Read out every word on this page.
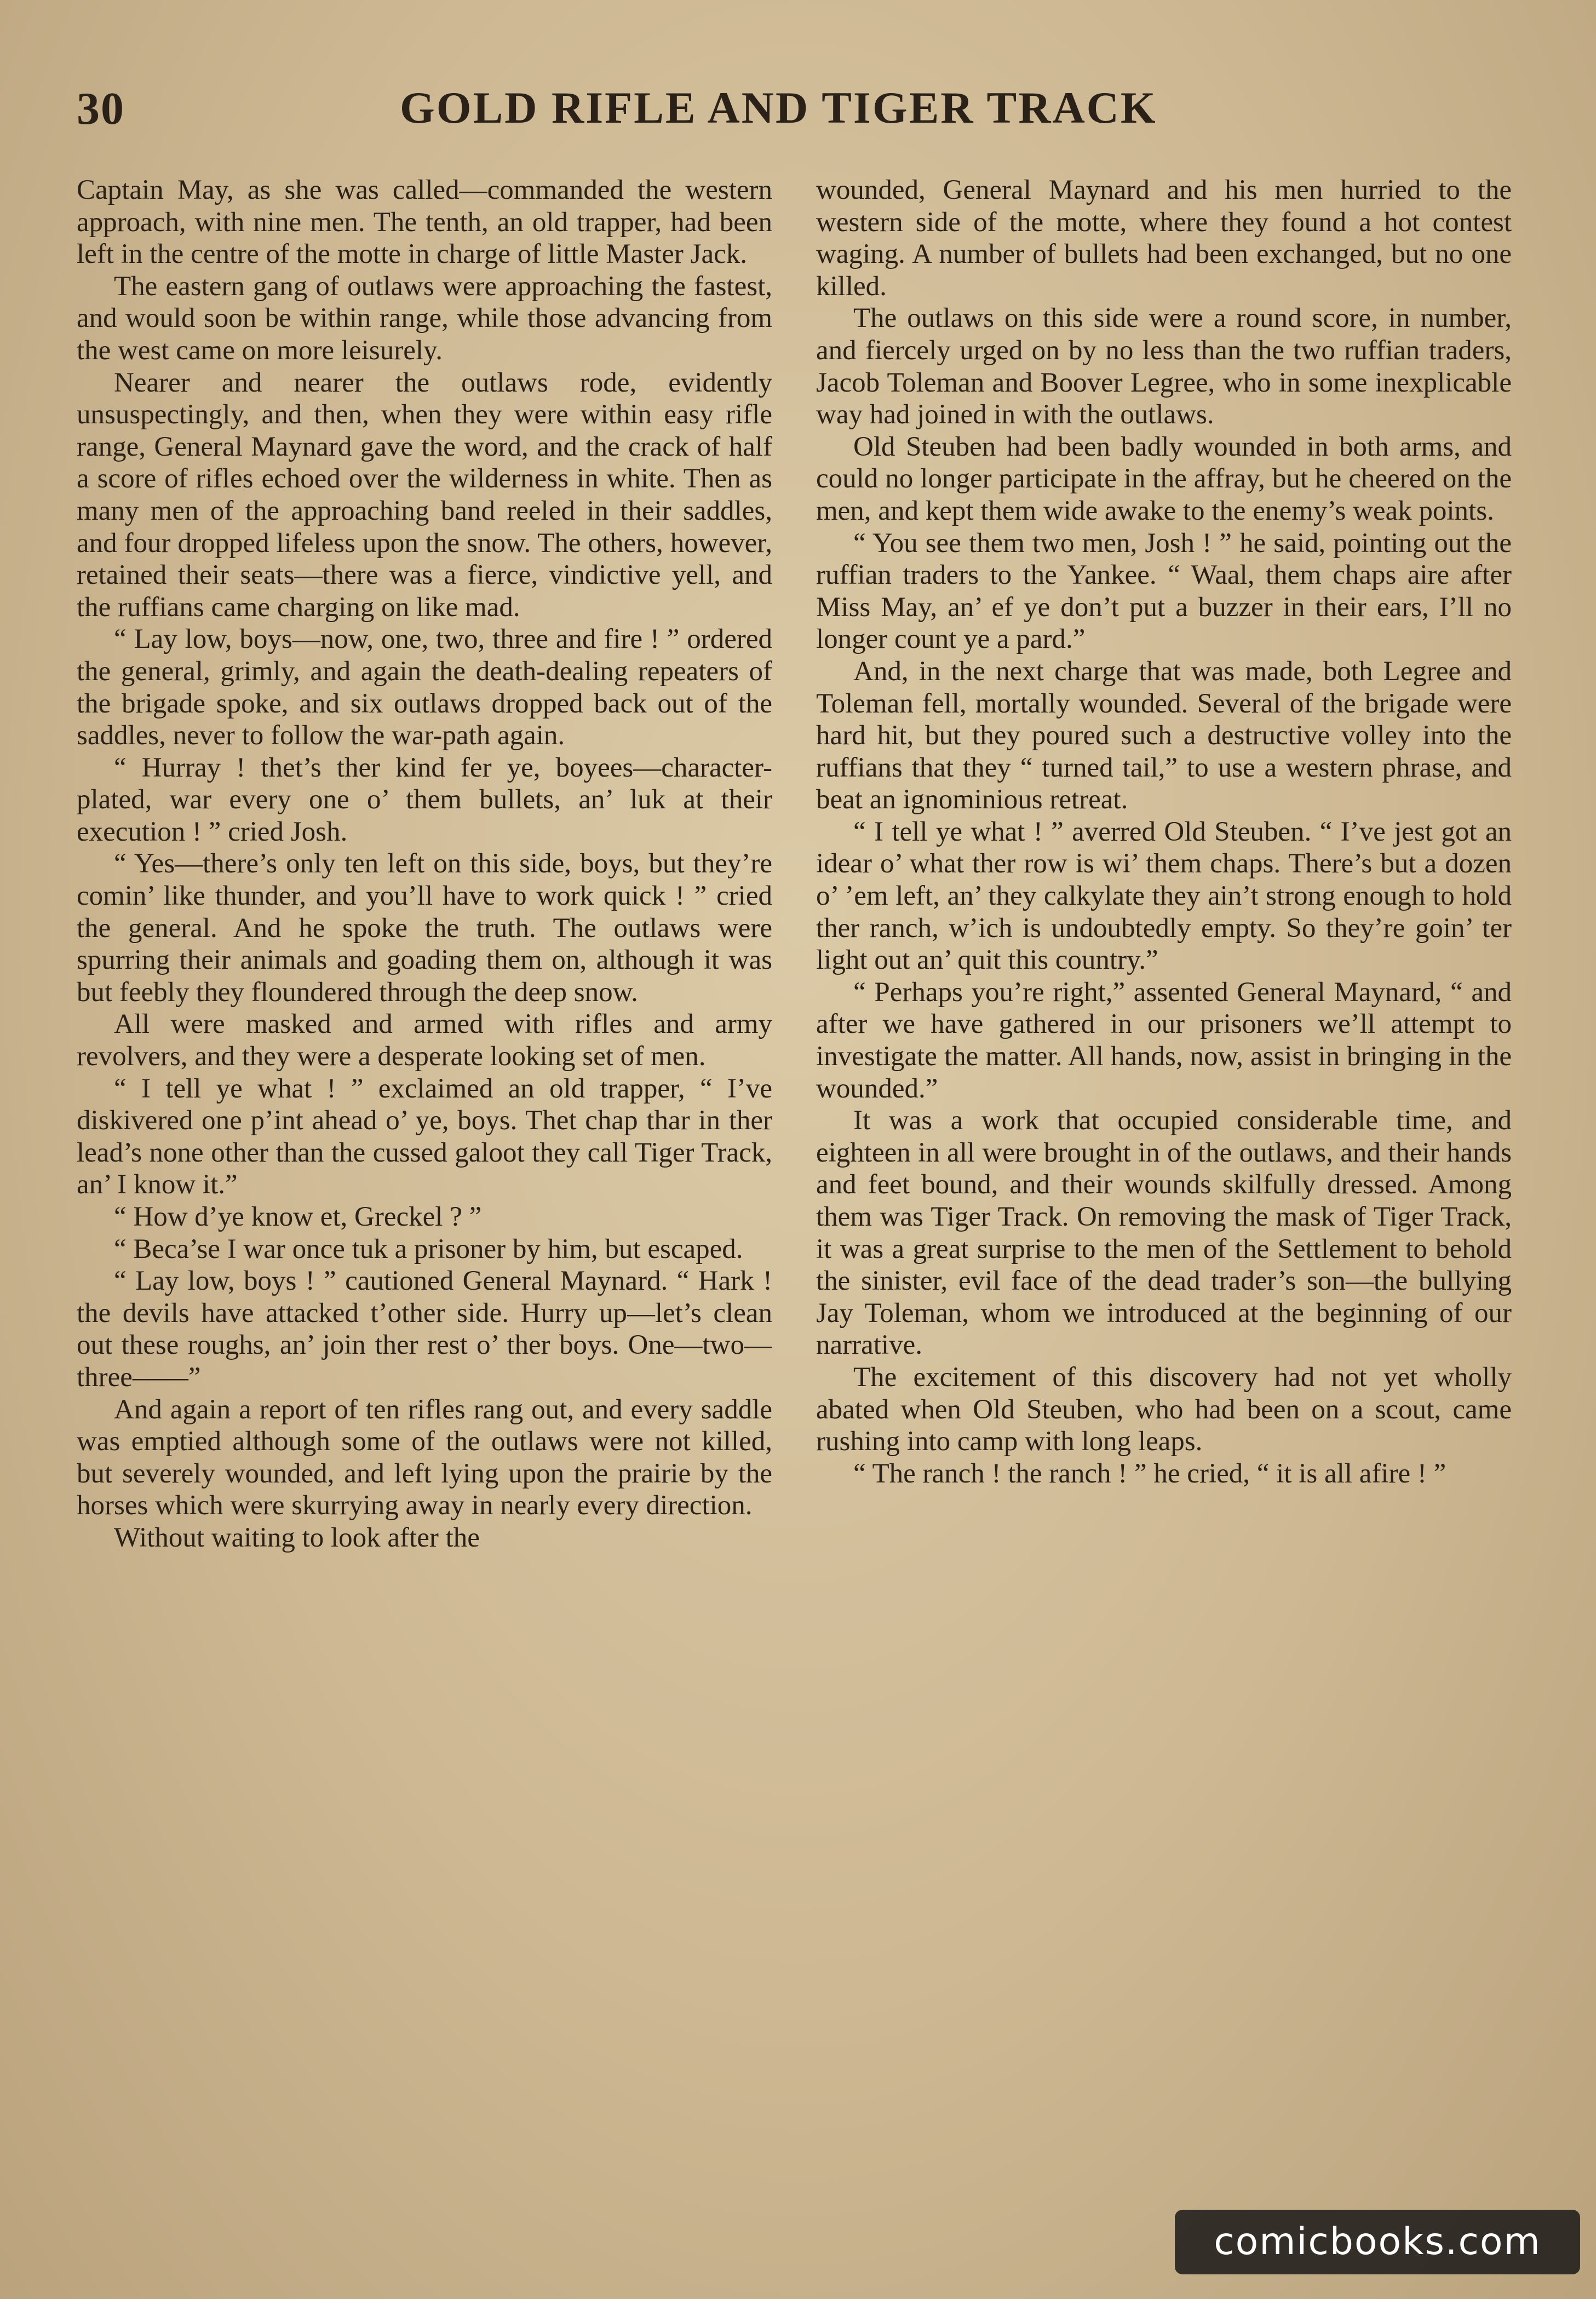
30	GOLD RIFLE AND TIGER TRACK

Captain May, as she was called—commanded the western approach, with nine men. The tenth, an old trapper, had been left in the centre of the motte in charge of little Master Jack.

The eastern gang of outlaws were approaching the fastest, and would soon be within range, while those advancing from the west came on more leisurely.

Nearer and nearer the outlaws rode, evidently unsuspectingly, and then, when they were within easy rifle range, General Maynard gave the word, and the crack of half a score of rifles echoed over the wilderness in white. Then as many men of the approaching band reeled in their saddles, and four dropped lifeless upon the snow. The others, however, retained their seats—there was a fierce, vindictive yell, and the ruffians came charging on like mad.

“ Lay low, boys—now, one, two, three and fire ! ” ordered the general, grimly, and again the death-dealing repeaters of the brigade spoke, and six outlaws dropped back out of the saddles, never to follow the war-path again.

“ Hurray ! thet’s ther kind fer ye, boyees—character-plated, war every one o’ them bullets, an’ luk at their execution ! ” cried Josh.

“ Yes—there’s only ten left on this side, boys, but they’re comin’ like thunder, and you’ll have to work quick ! ” cried the general. And he spoke the truth. The outlaws were spurring their animals and goading them on, although it was but feebly they floundered through the deep snow.

All were masked and armed with rifles and army revolvers, and they were a desperate looking set of men.

“ I tell ye what ! ” exclaimed an old trapper, “ I’ve diskivered one p’int ahead o’ ye, boys. Thet chap thar in ther lead’s none other than the cussed galoot they call Tiger Track, an’ I know it.”

“ How d’ye know et, Greckel ? ”

“ Beca’se I war once tuk a prisoner by him, but escaped.

“ Lay low, boys ! ” cautioned General Maynard. “ Hark ! the devils have attacked t’other side. Hurry up—let’s clean out these roughs, an’ join ther rest o’ ther boys. One—two—three——”

And again a report of ten rifles rang out, and every saddle was emptied although some of the outlaws were not killed, but severely wounded, and left lying upon the prairie by the horses which were skurrying away in nearly every direction.

Without waiting to look after the

wounded, General Maynard and his men hurried to the western side of the motte, where they found a hot contest waging. A number of bullets had been exchanged, but no one killed.

The outlaws on this side were a round score, in number, and fiercely urged on by no less than the two ruffian traders, Jacob Toleman and Boover Legree, who in some inexplicable way had joined in with the outlaws.

Old Steuben had been badly wounded in both arms, and could no longer participate in the affray, but he cheered on the men, and kept them wide awake to the enemy’s weak points.

“ You see them two men, Josh ! ” he said, pointing out the ruffian traders to the Yankee. “ Waal, them chaps aire after Miss May, an’ ef ye don’t put a buzzer in their ears, I’ll no longer count ye a pard.”

And, in the next charge that was made, both Legree and Toleman fell, mortally wounded. Several of the brigade were hard hit, but they poured such a destructive volley into the ruffians that they “ turned tail,” to use a western phrase, and beat an ignominious retreat.

“ I tell ye what ! ” averred Old Steuben. “ I’ve jest got an idear o’ what ther row is wi’ them chaps. There’s but a dozen o’ ’em left, an’ they calkylate they ain’t strong enough to hold ther ranch, w’ich is undoubtedly empty. So they’re goin’ ter light out an’ quit this country.”

“ Perhaps you’re right,” assented General Maynard, “ and after we have gathered in our prisoners we’ll attempt to investigate the matter. All hands, now, assist in bringing in the wounded.”

It was a work that occupied considerable time, and eighteen in all were brought in of the outlaws, and their hands and feet bound, and their wounds skilfully dressed. Among them was Tiger Track. On removing the mask of Tiger Track, it was a great surprise to the men of the Settlement to behold the sinister, evil face of the dead trader’s son—the bullying Jay Toleman, whom we introduced at the beginning of our narrative.

The excitement of this discovery had not yet wholly abated when Old Steuben, who had been on a scout, came rushing into camp with long leaps.

“ The ranch ! the ranch ! ” he cried, “ it is all afire ! ”

comicbooks.com
